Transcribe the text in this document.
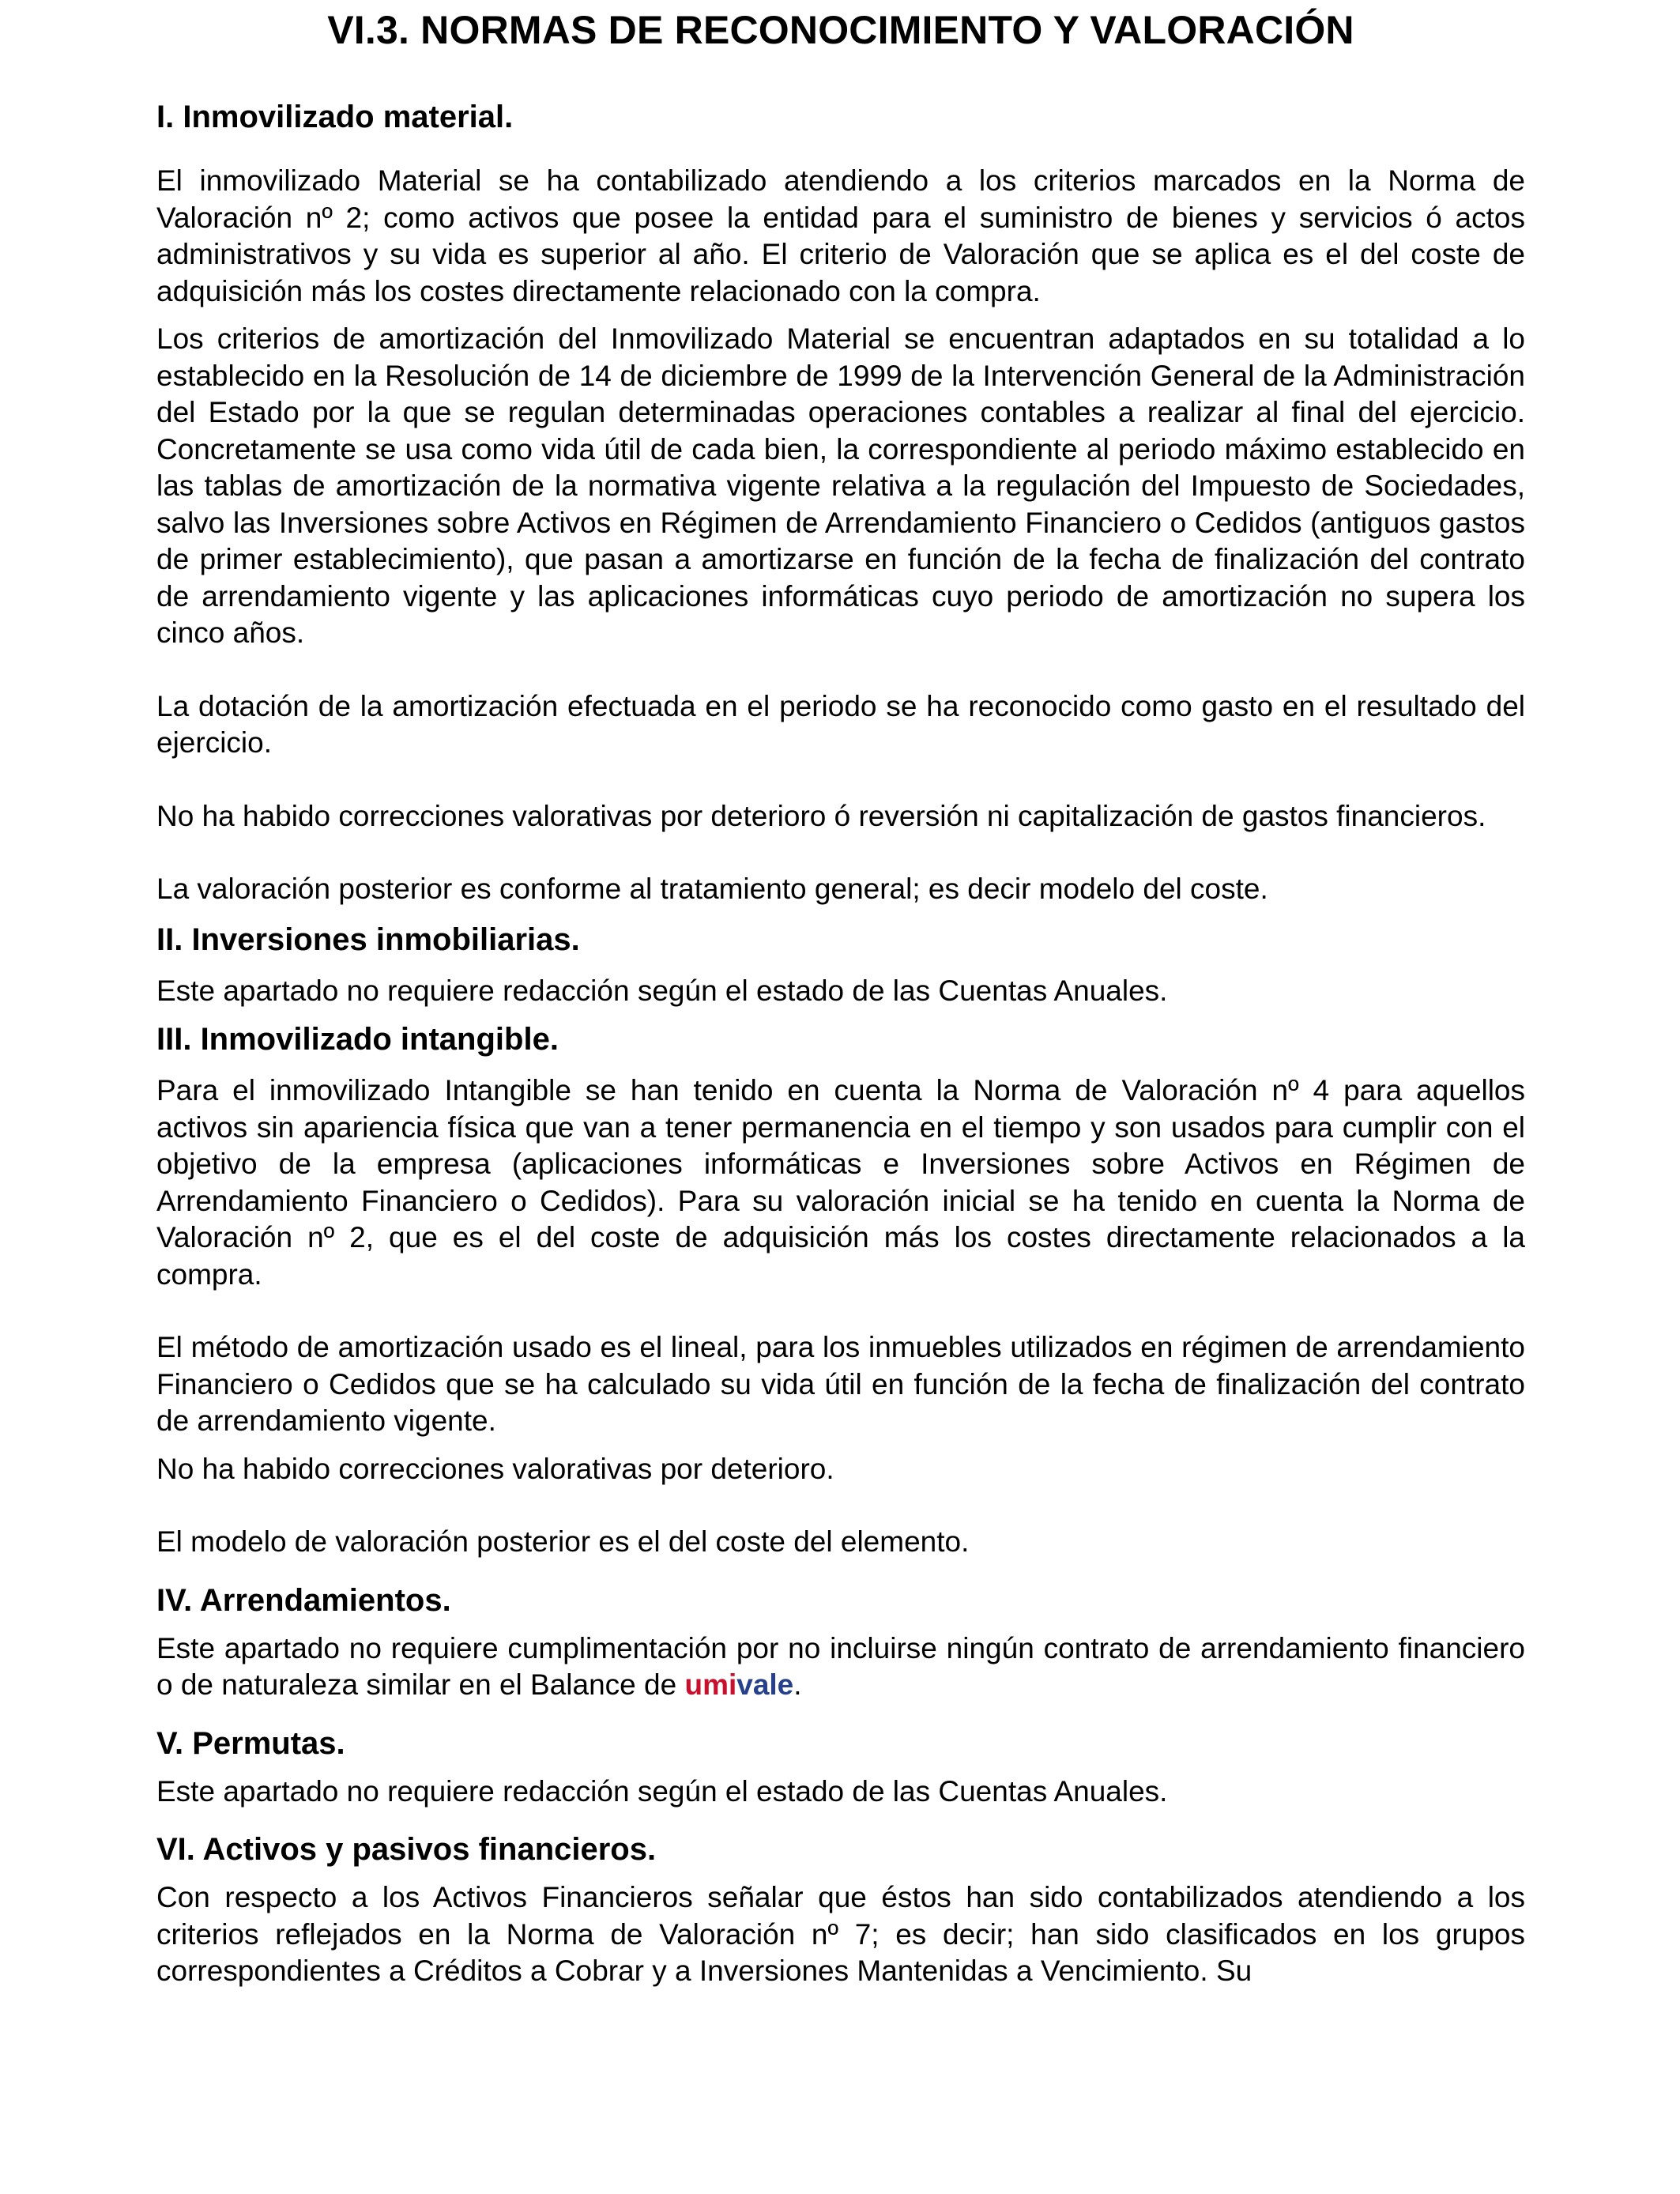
VI.3. NORMAS DE RECONOCIMIENTO Y VALORACIÓN
I. Inmovilizado material.

El inmovilizado Material se ha contabilizado atendiendo a los criterios marcados en la Norma de Valoración nº 2; como activos que posee la entidad para el suministro de bienes y servicios ó actos administrativos y su vida es superior al año. El criterio de Valoración que se aplica es el del coste de adquisición más los costes directamente relacionado con la compra.

Los criterios de amortización del Inmovilizado Material se encuentran adaptados en su totalidad a lo establecido en la Resolución de 14 de diciembre de 1999 de la Intervención General de la Administración del Estado por la que se regulan determinadas operaciones contables a realizar al final del ejercicio. Concretamente se usa como vida útil de cada bien, la correspondiente al periodo máximo establecido en las tablas de amortización de la normativa vigente relativa a la regulación del Impuesto de Sociedades, salvo las Inversiones sobre Activos en Régimen de Arrendamiento Financiero o Cedidos (antiguos gastos de primer establecimiento), que pasan a amortizarse en función de la fecha de finalización del contrato de arrendamiento vigente y las aplicaciones informáticas cuyo periodo de amortización no supera los cinco años.

La dotación de la amortización efectuada en el periodo se ha reconocido como gasto en el resultado del ejercicio.

No ha habido correcciones valorativas por deterioro ó reversión ni capitalización de gastos financieros.

La valoración posterior es conforme al tratamiento general; es decir modelo del coste.

II. Inversiones inmobiliarias.

Este apartado no requiere redacción según el estado de las Cuentas Anuales.

III. Inmovilizado intangible.

Para el inmovilizado Intangible se han tenido en cuenta la Norma de Valoración nº 4 para aquellos activos sin apariencia física que van a tener permanencia en el tiempo y son usados para cumplir con el objetivo de la empresa (aplicaciones informáticas e Inversiones sobre Activos en Régimen de Arrendamiento Financiero o Cedidos). Para su valoración inicial se ha tenido en cuenta la Norma de Valoración nº 2, que es el del coste de adquisición más los costes directamente relacionados a la compra.

El método de amortización usado es el lineal, para los inmuebles utilizados en régimen de arrendamiento Financiero o Cedidos que se ha calculado su vida útil en función de la fecha de finalización del contrato de arrendamiento vigente.

No ha habido correcciones valorativas por deterioro.

El modelo de valoración posterior es el del coste del elemento.

IV. Arrendamientos.

Este apartado no requiere cumplimentación por no incluirse ningún contrato de arrendamiento financiero o de naturaleza similar en el Balance de umivale.

V. Permutas.

Este apartado no requiere redacción según el estado de las Cuentas Anuales.

VI. Activos y pasivos financieros.

Con respecto a los Activos Financieros señalar que éstos han sido contabilizados atendiendo a los criterios reflejados en la Norma de Valoración nº 7; es decir; han sido clasificados en los grupos correspondientes a Créditos a Cobrar y a Inversiones Mantenidas a Vencimiento. Su
